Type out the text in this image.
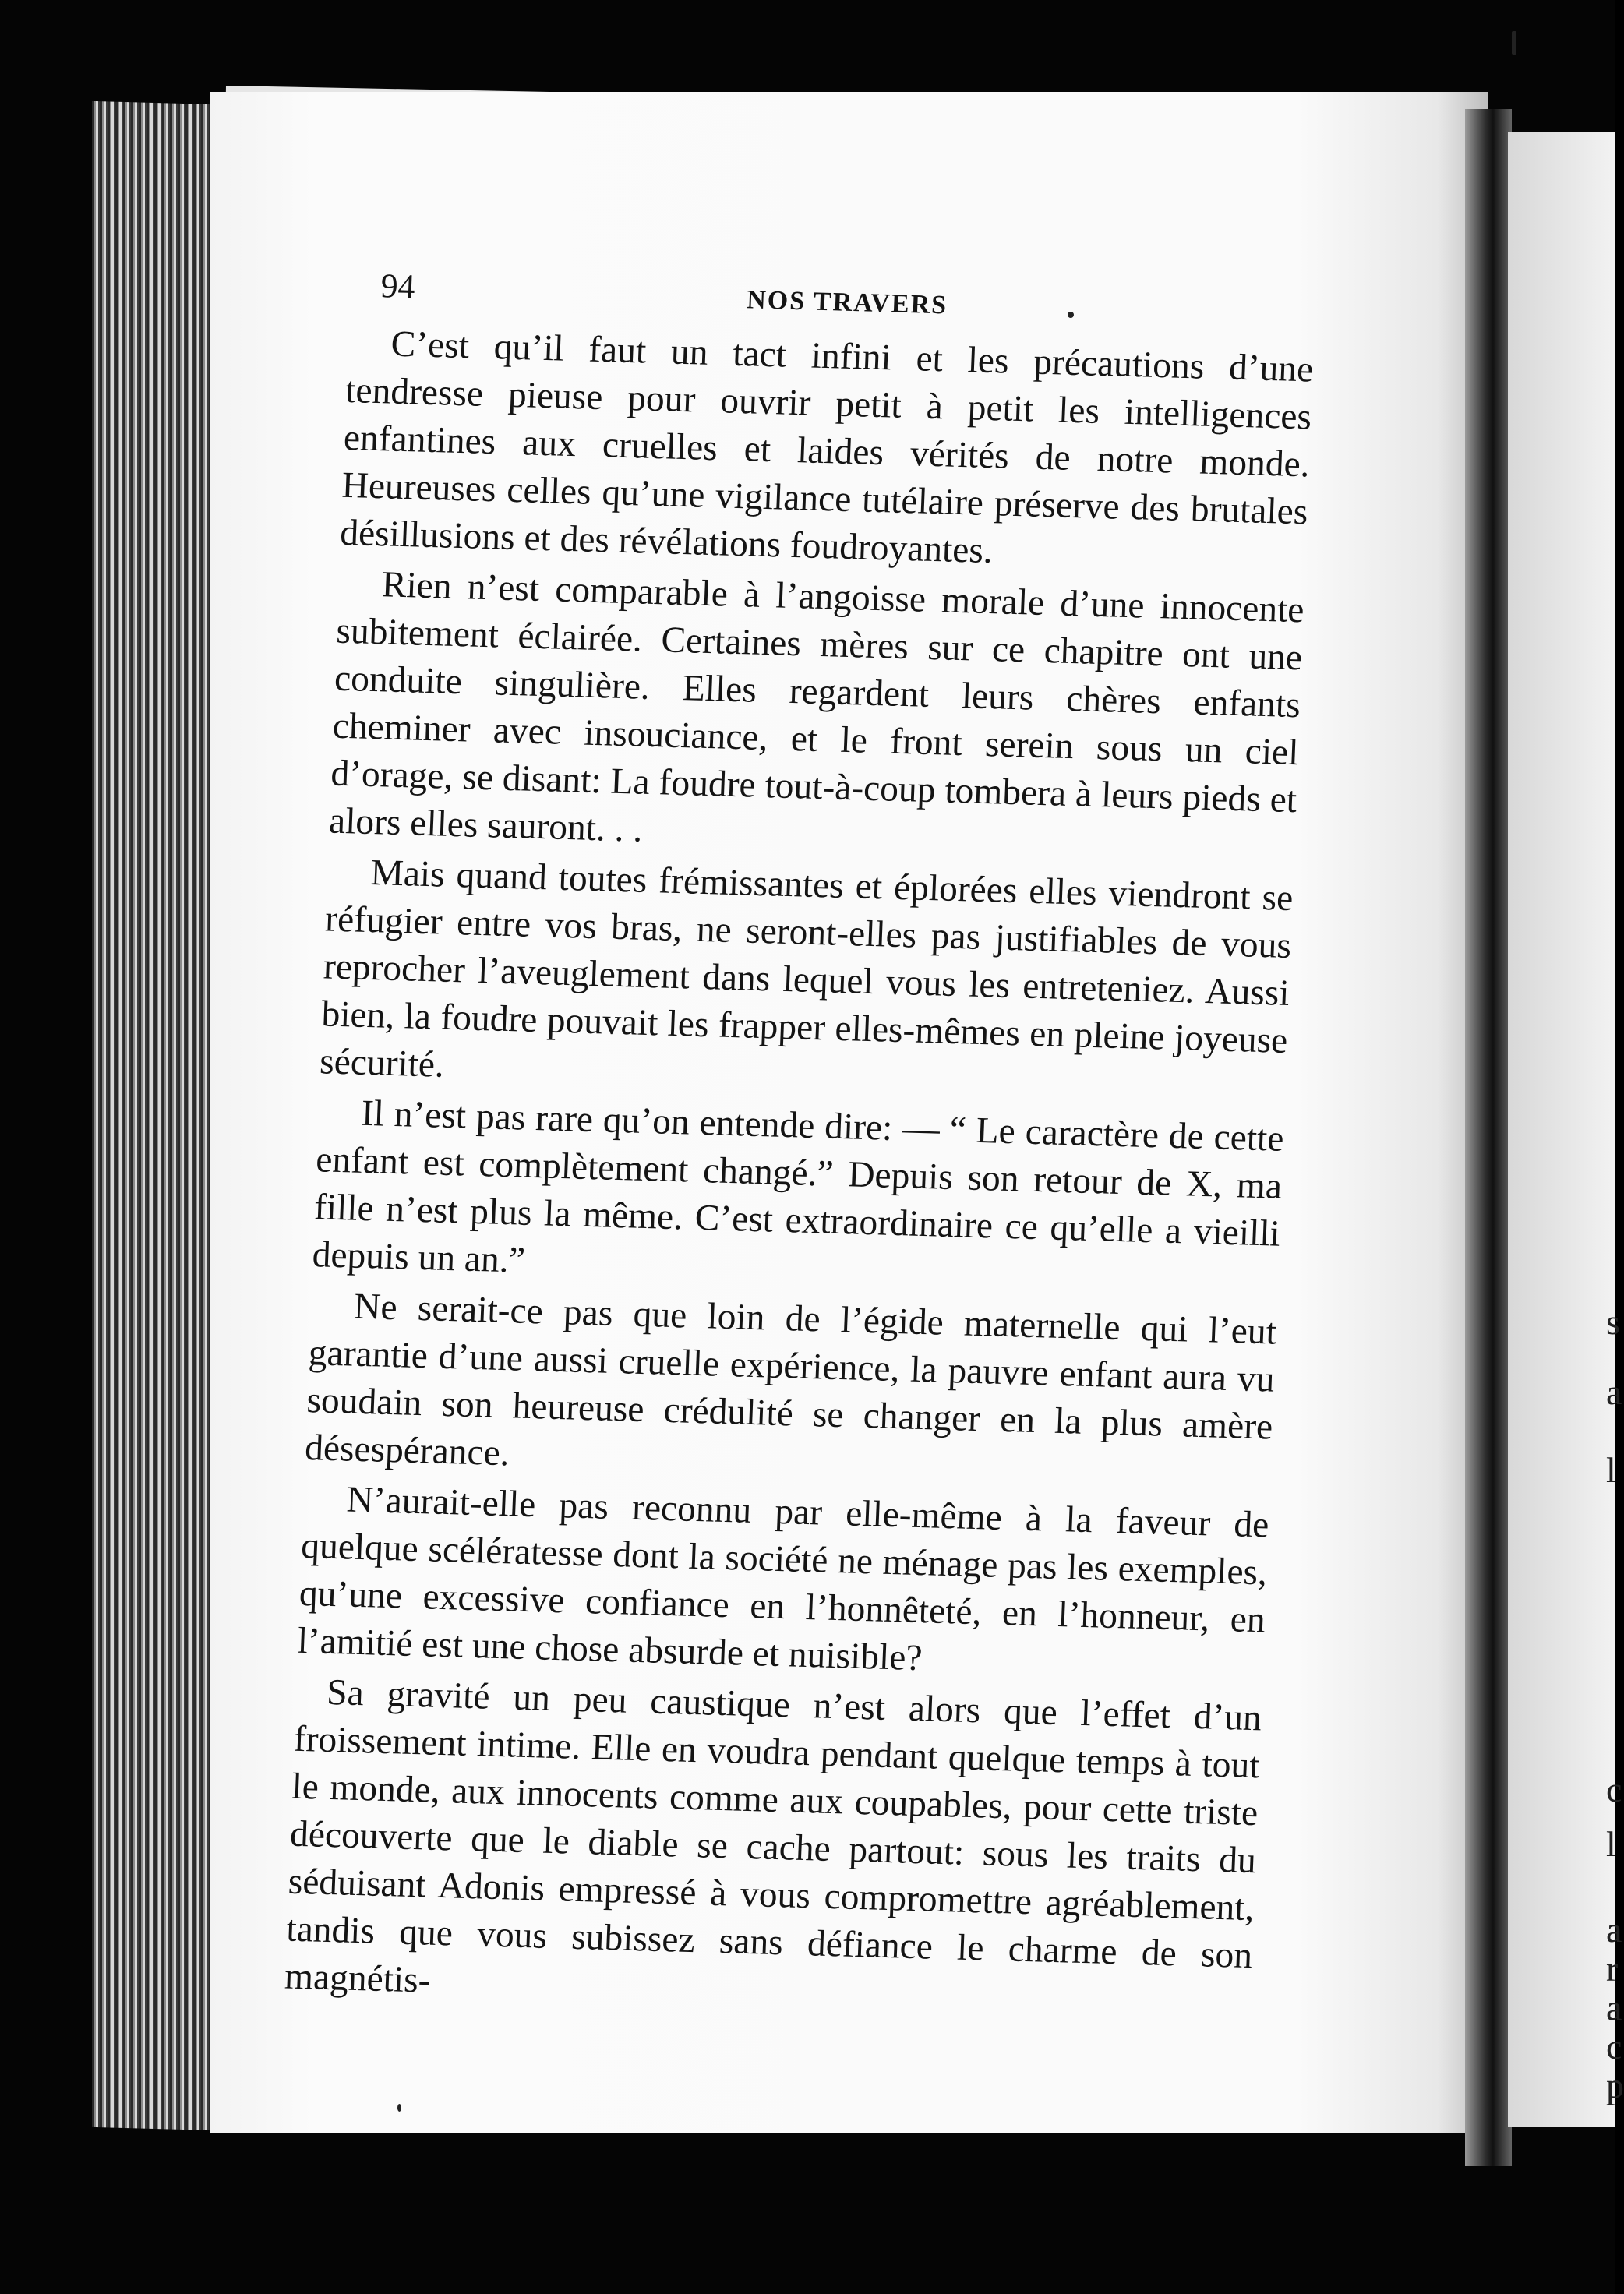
s
a
l
c
l
a
r
a
c
p
94	NOS TRAVERS

C’est qu’il faut un tact infini et les précautions d’une tendresse pieuse pour ouvrir petit à petit les intelligences enfantines aux cruelles et laides vérités de notre monde. Heureuses celles qu’une vigilance tutélaire préserve des brutales désillusions et des révélations foudroyantes.

Rien n’est comparable à l’angoisse morale d’une innocente subitement éclairée. Certaines mères sur ce chapitre ont une conduite singulière. Elles regardent leurs chères enfants cheminer avec insouciance, et le front serein sous un ciel d’orage, se disant: La foudre tout-à-coup tombera à leurs pieds et alors elles sauront. . .

Mais quand toutes frémissantes et éplorées elles viendront se réfugier entre vos bras, ne seront-elles pas justifiables de vous reprocher l’aveuglement dans lequel vous les entreteniez. Aussi bien, la foudre pouvait les frapper elles-mêmes en pleine joyeuse sécurité.

Il n’est pas rare qu’on entende dire: — “ Le caractère de cette enfant est complètement changé.” Depuis son retour de X, ma fille n’est plus la même. C’est extraordinaire ce qu’elle a vieilli depuis un an.”

Ne serait-ce pas que loin de l’égide maternelle qui l’eut garantie d’une aussi cruelle expérience, la pauvre enfant aura vu soudain son heureuse crédulité se changer en la plus amère désespérance.

N’aurait-elle pas reconnu par elle-même à la faveur de quelque scélératesse dont la société ne ménage pas les exemples, qu’une excessive confiance en l’honnêteté, en l’honneur, en l’amitié est une chose absurde et nuisible?

Sa gravité un peu caustique n’est alors que l’effet d’un froissement intime. Elle en voudra pendant quelque temps à tout le monde, aux innocents comme aux coupables, pour cette triste découverte que le diable se cache partout: sous les traits du séduisant Adonis empressé à vous compromettre agréablement, tandis que vous subissez sans défiance le charme de son magnétis-
